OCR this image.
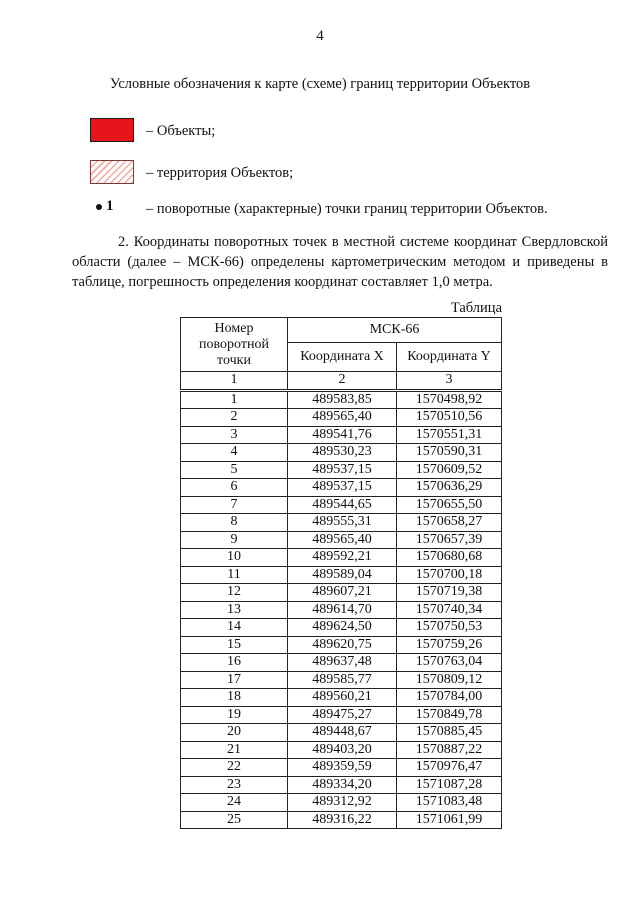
4
Условные обозначения к карте (схеме) границ территории Объектов
– Объекты;
– территория Объектов;
1 – поворотные (характерные) точки границ территории Объектов.
2. Координаты поворотных точек в местной системе координат Свердловской области (далее – МСК-66) определены картометрическим методом и приведены в таблице, погрешность определения координат составляет 1,0 метра.
Таблица
Номер поворотной точки	МСК-66	
	Координата X	Координата Y
1	2	3
1	489583,85	1570498,92
2	489565,40	1570510,56
3	489541,76	1570551,31
4	489530,23	1570590,31
5	489537,15	1570609,52
6	489537,15	1570636,29
7	489544,65	1570655,50
8	489555,31	1570658,27
9	489565,40	1570657,39
10	489592,21	1570680,68
11	489589,04	1570700,18
12	489607,21	1570719,38
13	489614,70	1570740,34
14	489624,50	1570750,53
15	489620,75	1570759,26
16	489637,48	1570763,04
17	489585,77	1570809,12
18	489560,21	1570784,00
19	489475,27	1570849,78
20	489448,67	1570885,45
21	489403,20	1570887,22
22	489359,59	1570976,47
23	489334,20	1571087,28
24	489312,92	1571083,48
25	489316,22	1571061,99
